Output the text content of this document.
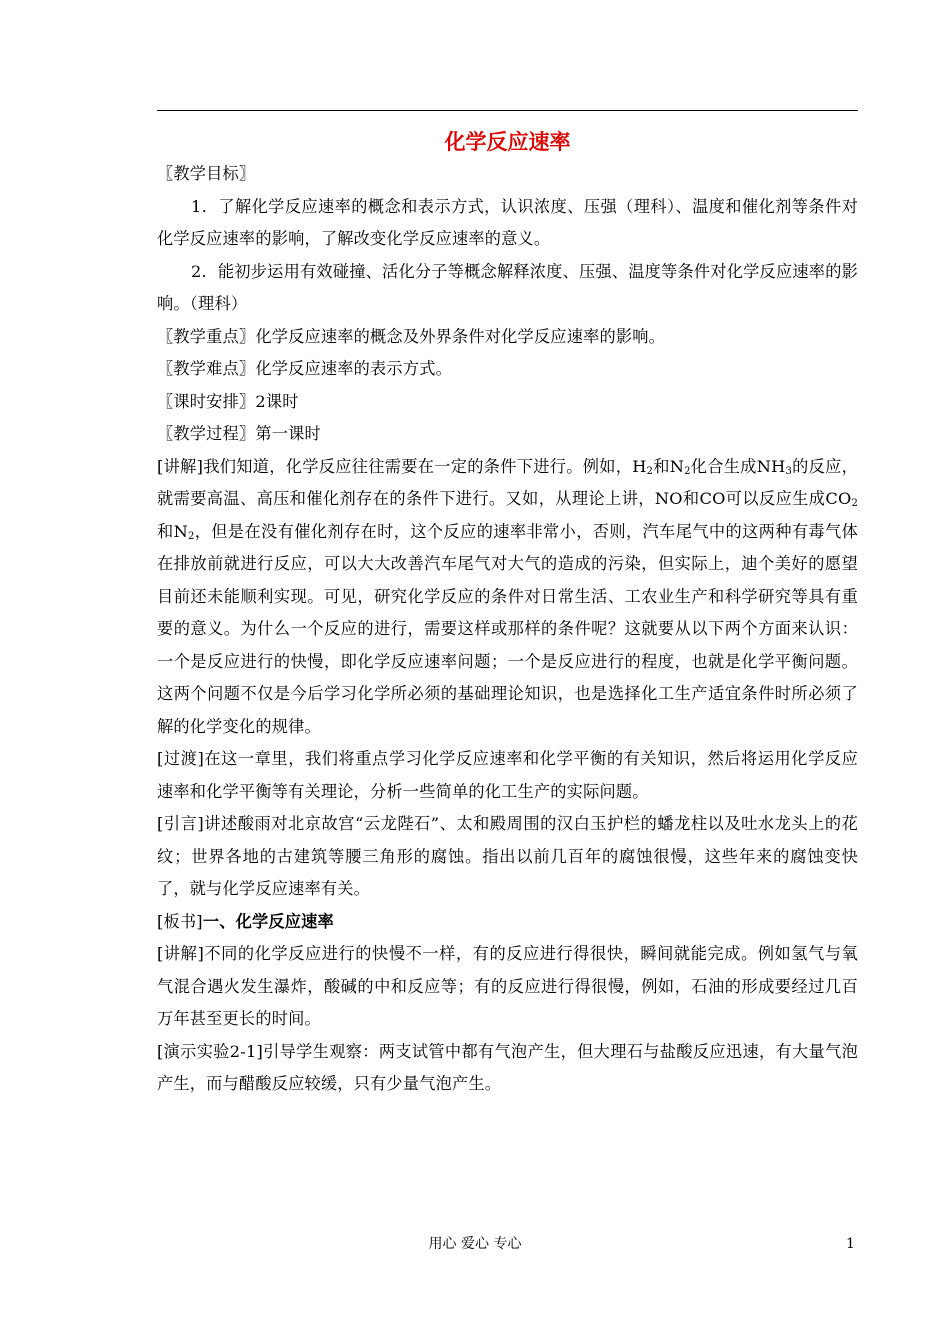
化学反应速率

〖教学目标〗

1．了解化学反应速率的概念和表示方式，认识浓度、压强（理科）、温度和催化剂等条件对化学反应速率的影响，了解改变化学反应速率的意义。

2．能初步运用有效碰撞、活化分子等概念解释浓度、压强、温度等条件对化学反应速率的影响。（理科）

〖教学重点〗化学反应速率的概念及外界条件对化学反应速率的影响。

〖教学难点〗化学反应速率的表示方式。

〖课时安排〗2课时

〖教学过程〗第一课时

[讲解]我们知道，化学反应往往需要在一定的条件下进行。例如，$H_2$和$N_2$化合生成$NH_3$的反应，就需要高温、高压和催化剂存在的条件下进行。又如，从理论上讲，NO和CO可以反应生成$CO_2$和$N_2$，但是在没有催化剂存在时，这个反应的速率非常小，否则，汽车尾气中的这两种有毒气体在排放前就进行反应，可以大大改善汽车尾气对大气的造成的污染，但实际上，迪个美好的愿望目前还未能顺利实现。可见，研究化学反应的条件对日常生活、工农业生产和科学研究等具有重要的意义。为什么一个反应的进行，需要这样或那样的条件呢？这就要从以下两个方面来认识：一个是反应进行的快慢，即化学反应速率问题；一个是反应进行的程度，也就是化学平衡问题。这两个问题不仅是今后学习化学所必须的基础理论知识，也是选择化工生产适宜条件时所必须了解的化学变化的规律。

[过渡]在这一章里，我们将重点学习化学反应速率和化学平衡的有关知识，然后将运用化学反应速率和化学平衡等有关理论，分析一些简单的化工生产的实际问题。

[引言]讲述酸雨对北京故宫“云龙陛石”、太和殿周围的汉白玉护栏的蟠龙柱以及吐水龙头上的花纹；世界各地的古建筑等腰三角形的腐蚀。指出以前几百年的腐蚀很慢，这些年来的腐蚀变快了，就与化学反应速率有关。

[板书]一、化学反应速率

[讲解]不同的化学反应进行的快慢不一样，有的反应进行得很快，瞬间就能完成。例如氢气与氧气混合遇火发生瀑炸，酸碱的中和反应等；有的反应进行得很慢，例如，石油的形成要经过几百万年甚至更长的时间。

[演示实验2-1]引导学生观察：两支试管中都有气泡产生，但大理石与盐酸反应迅速，有大量气泡产生，而与醋酸反应较缓，只有少量气泡产生。

用心 爱心 专心	1
